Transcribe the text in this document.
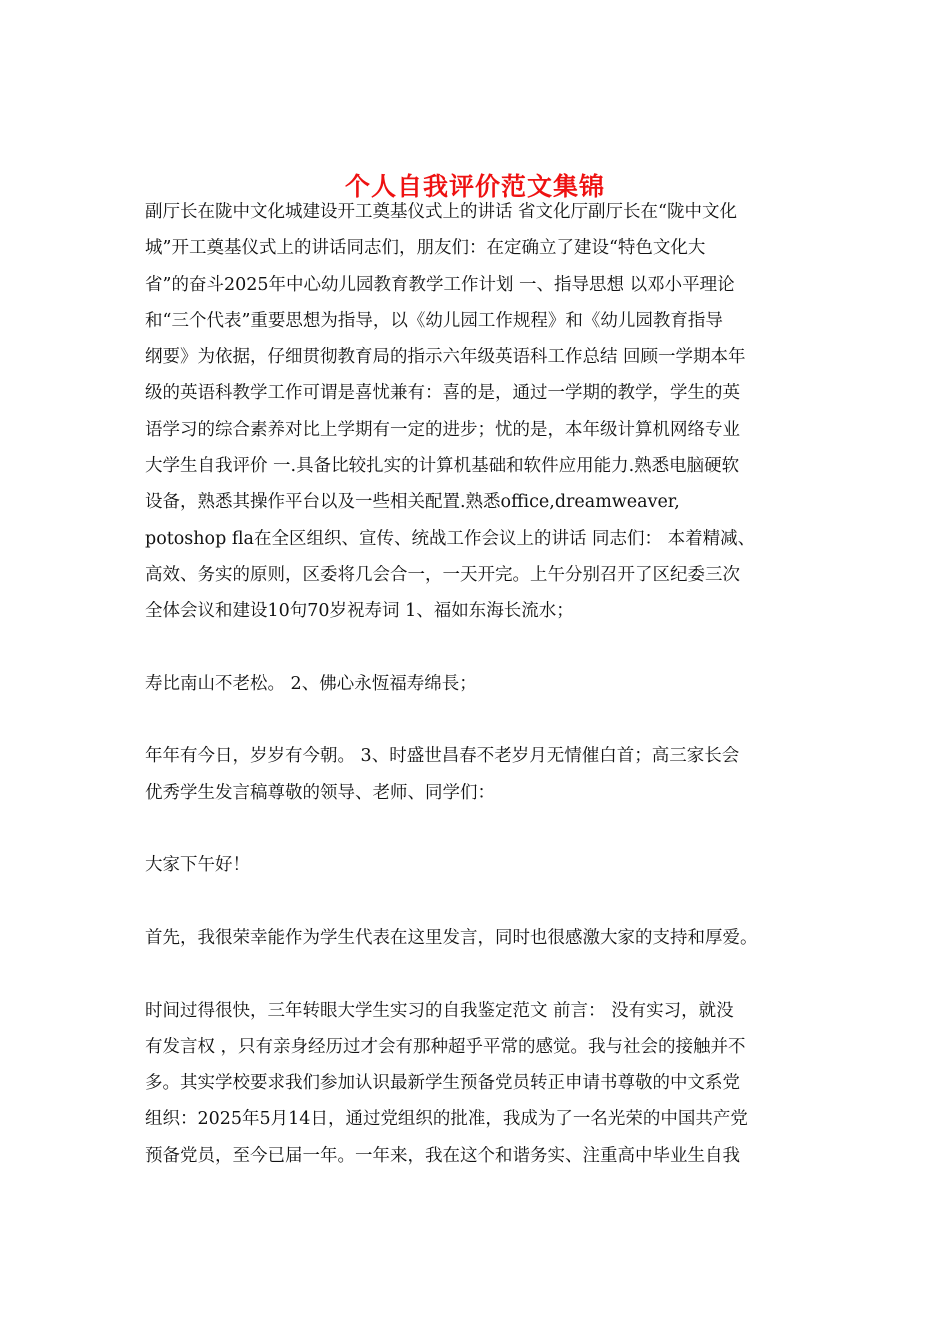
个人自我评价范文集锦

副厅长在陇中文化城建设开工奠基仪式上的讲话 省文化厅副厅长在“陇中文化

城”开工奠基仪式上的讲话同志们，朋友们：在定确立了建设“特色文化大

省”的奋斗2025年中心幼儿园教育教学工作计划 一、指导思想 以邓小平理论

和“三个代表”重要思想为指导，以《幼儿园工作规程》和《幼儿园教育指导

纲要》为依据，仔细贯彻教育局的指示六年级英语科工作总结 回顾一学期本年

级的英语科教学工作可谓是喜忧兼有：喜的是，通过一学期的教学，学生的英

语学习的综合素养对比上学期有一定的进步；忧的是，本年级计算机网络专业

大学生自我评价 一.具备比较扎实的计算机基础和软件应用能力.熟悉电脑硬软

设备，熟悉其操作平台以及一些相关配置.熟悉office,dreamweaver,

potoshop fla在全区组织、宣传、统战工作会议上的讲话 同志们： 本着精减、

高效、务实的原则，区委将几会合一，一天开完。上午分别召开了区纪委三次

全体会议和建设10句70岁祝寿词 1、福如东海长流水；

寿比南山不老松。 2、佛心永恆福寿绵長；

年年有今日，岁岁有今朝。 3、时盛世昌春不老岁月无情催白首；高三家长会

优秀学生发言稿尊敬的领导、老师、同学们：

大家下午好！

首先，我很荣幸能作为学生代表在这里发言，同时也很感激大家的支持和厚爱。

时间过得很快，三年转眼大学生实习的自我鉴定范文 前言： 没有实习，就没

有发言权 ，只有亲身经历过才会有那种超乎平常的感觉。我与社会的接触并不

多。其实学校要求我们参加认识最新学生预备党员转正申请书尊敬的中文系党

组织：2025年5月14日，通过党组织的批准，我成为了一名光荣的中国共产党

预备党员，至今已届一年。一年来，我在这个和谐务实、注重高中毕业生自我
